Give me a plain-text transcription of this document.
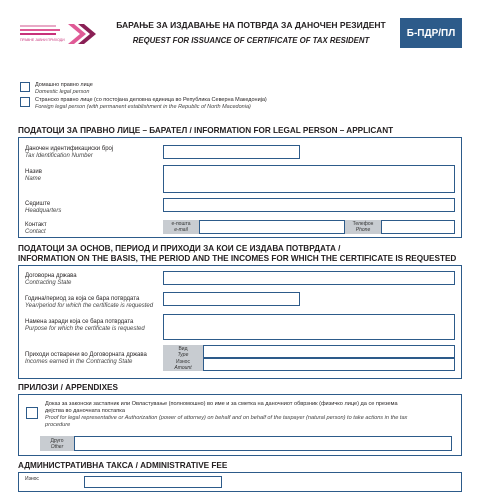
ПРАВНЕ ЈАВНИ ПРИХОДИ
БАРАЊЕ ЗА ИЗДАВАЊЕ НА ПОТВРДА ЗА ДАНОЧЕН РЕЗИДЕНТ
REQUEST FOR ISSUANCE OF CERTIFICATE OF TAX RESIDENT
Б-ПДР/ПЛ
Домашно правно лице
Domestic legal person
Странско правно лице (со постојана деловна единица во Република Северна Македонија)
Foreign legal person (with permanent establishment in the Republic of North Macedonia)
ПОДАТОЦИ ЗА ПРАВНО ЛИЦЕ – БАРАТЕЛ / INFORMATION FOR LEGAL PERSON – APPLICANT
Даночен идентификациски број
Tax Identification Number
Назив
Name
Седиште
Headquarters
Контакт
Contact
е-пошта
e-mail
Телефон
Phone
ПОДАТОЦИ ЗА ОСНОВ, ПЕРИОД И ПРИХОДИ ЗА КОИ СЕ ИЗДАВА ПОТВРДАТА /
INFORMATION ON THE BASIS, THE PERIOD AND THE INCOMES FOR WHICH THE CERTIFICATE IS REQUESTED
Договорна држава
Contracting State
Година/период за која се бара потврдата
Year/period for which the certificate is requested
Намена заради која се бара потврдата
Purpose for which the certificate is requested
Приходи остварени во Договорната држава
Incomes earned in the Contracting State
Вид
Type
Износ
Amount
ПРИЛОЗИ / APPENDIXES
Доказ за законски застапник или Овластување (полномошно) во име и за сметка на даночниот обврзник (физичко лице) да се презема
дејства во даночната постапка
Proof for legal representative or Authorization (power of attorney) on behalf and on behalf of the taxpayer (natural person) to take actions in the tax
procedure
Друго
Other
АДМИНИСТРАТИВНА ТАКСА / ADMINISTRATIVE FEE
Износ
